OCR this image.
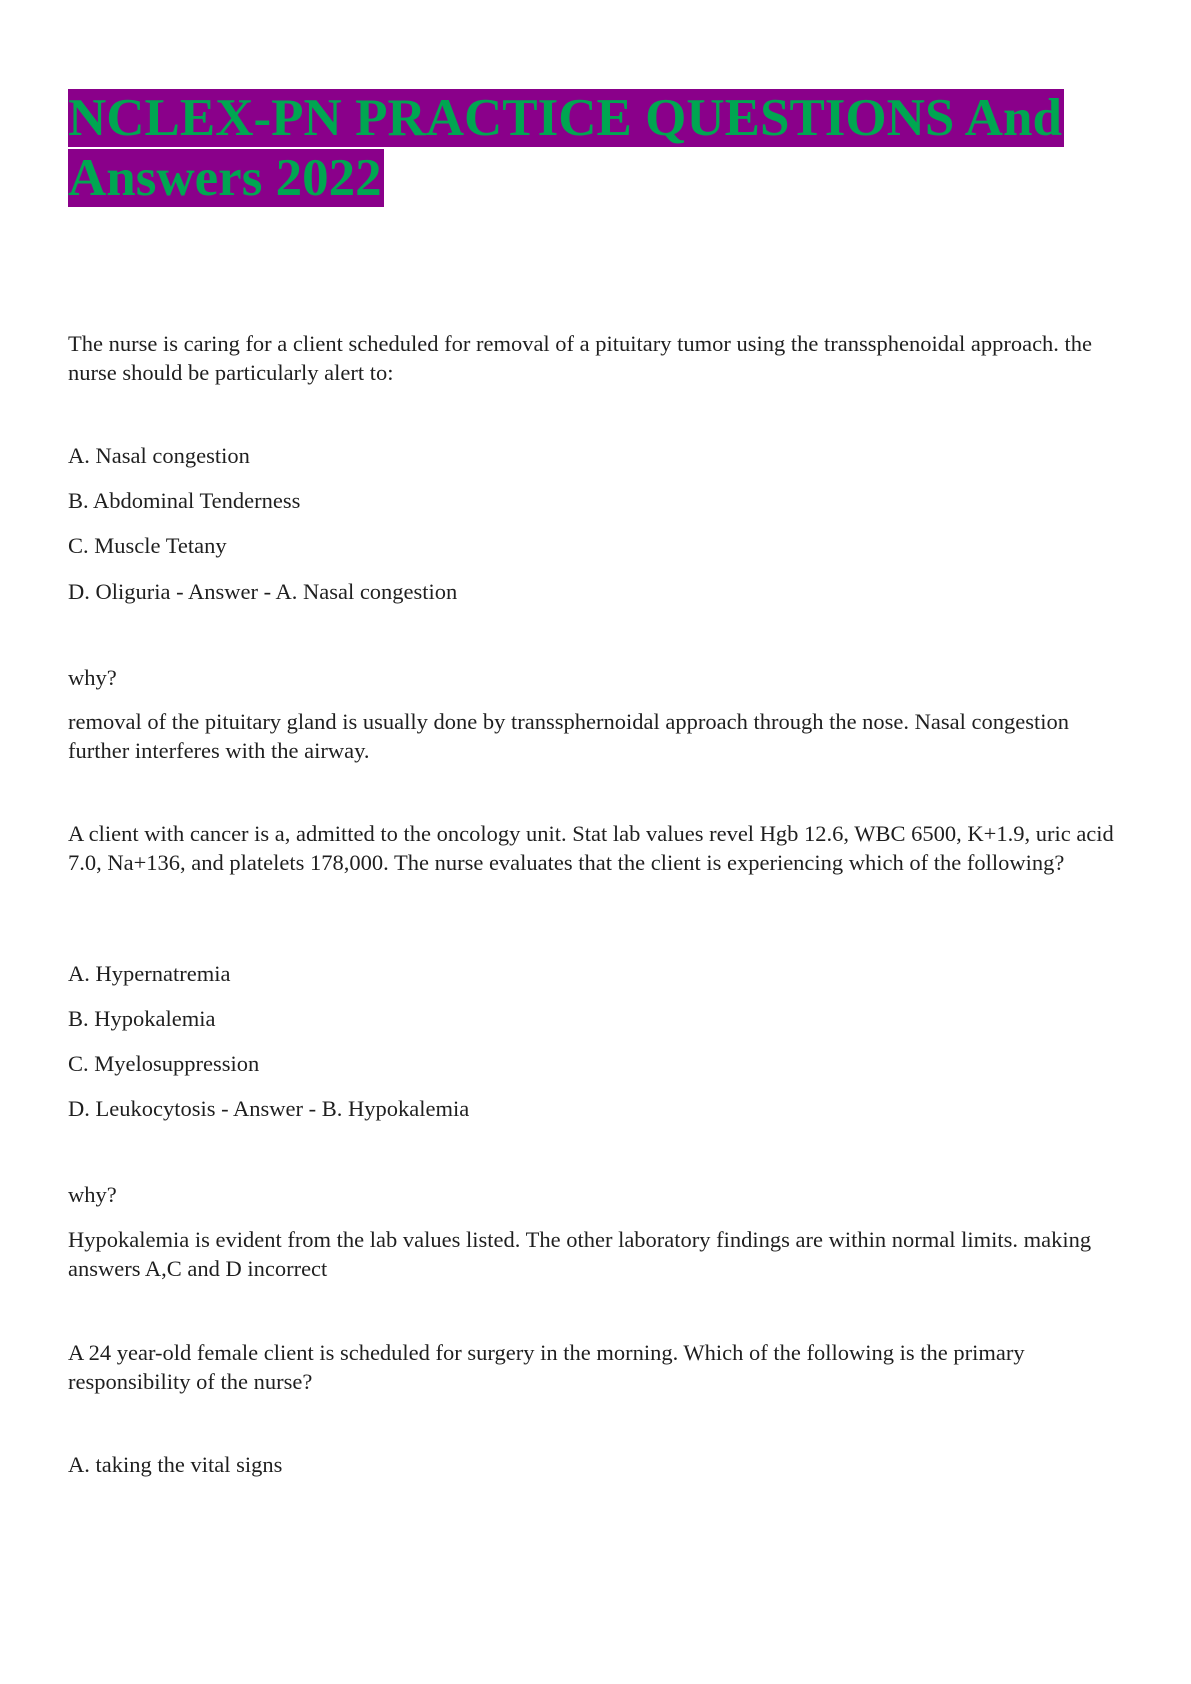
NCLEX-PN PRACTICE QUESTIONS And
Answers 2022

The nurse is caring for a client scheduled for removal of a pituitary tumor using the transsphenoidal approach. the nurse should be particularly alert to:

A. Nasal congestion

B. Abdominal Tenderness

C. Muscle Tetany

D. Oliguria - Answer - A. Nasal congestion

why?

removal of the pituitary gland is usually done by transsphernoidal approach through the nose. Nasal congestion further interferes with the airway.

A client with cancer is a, admitted to the oncology unit. Stat lab values revel Hgb 12.6, WBC 6500, K+1.9, uric acid 7.0, Na+136, and platelets 178,000. The nurse evaluates that the client is experiencing which of the following?

A. Hypernatremia

B. Hypokalemia

C. Myelosuppression

D. Leukocytosis - Answer - B. Hypokalemia

why?

Hypokalemia is evident from the lab values listed. The other laboratory findings are within normal limits. making answers A,C and D incorrect

A 24 year-old female client is scheduled for surgery in the morning. Which of the following is the primary responsibility of the nurse?

A. taking the vital signs
